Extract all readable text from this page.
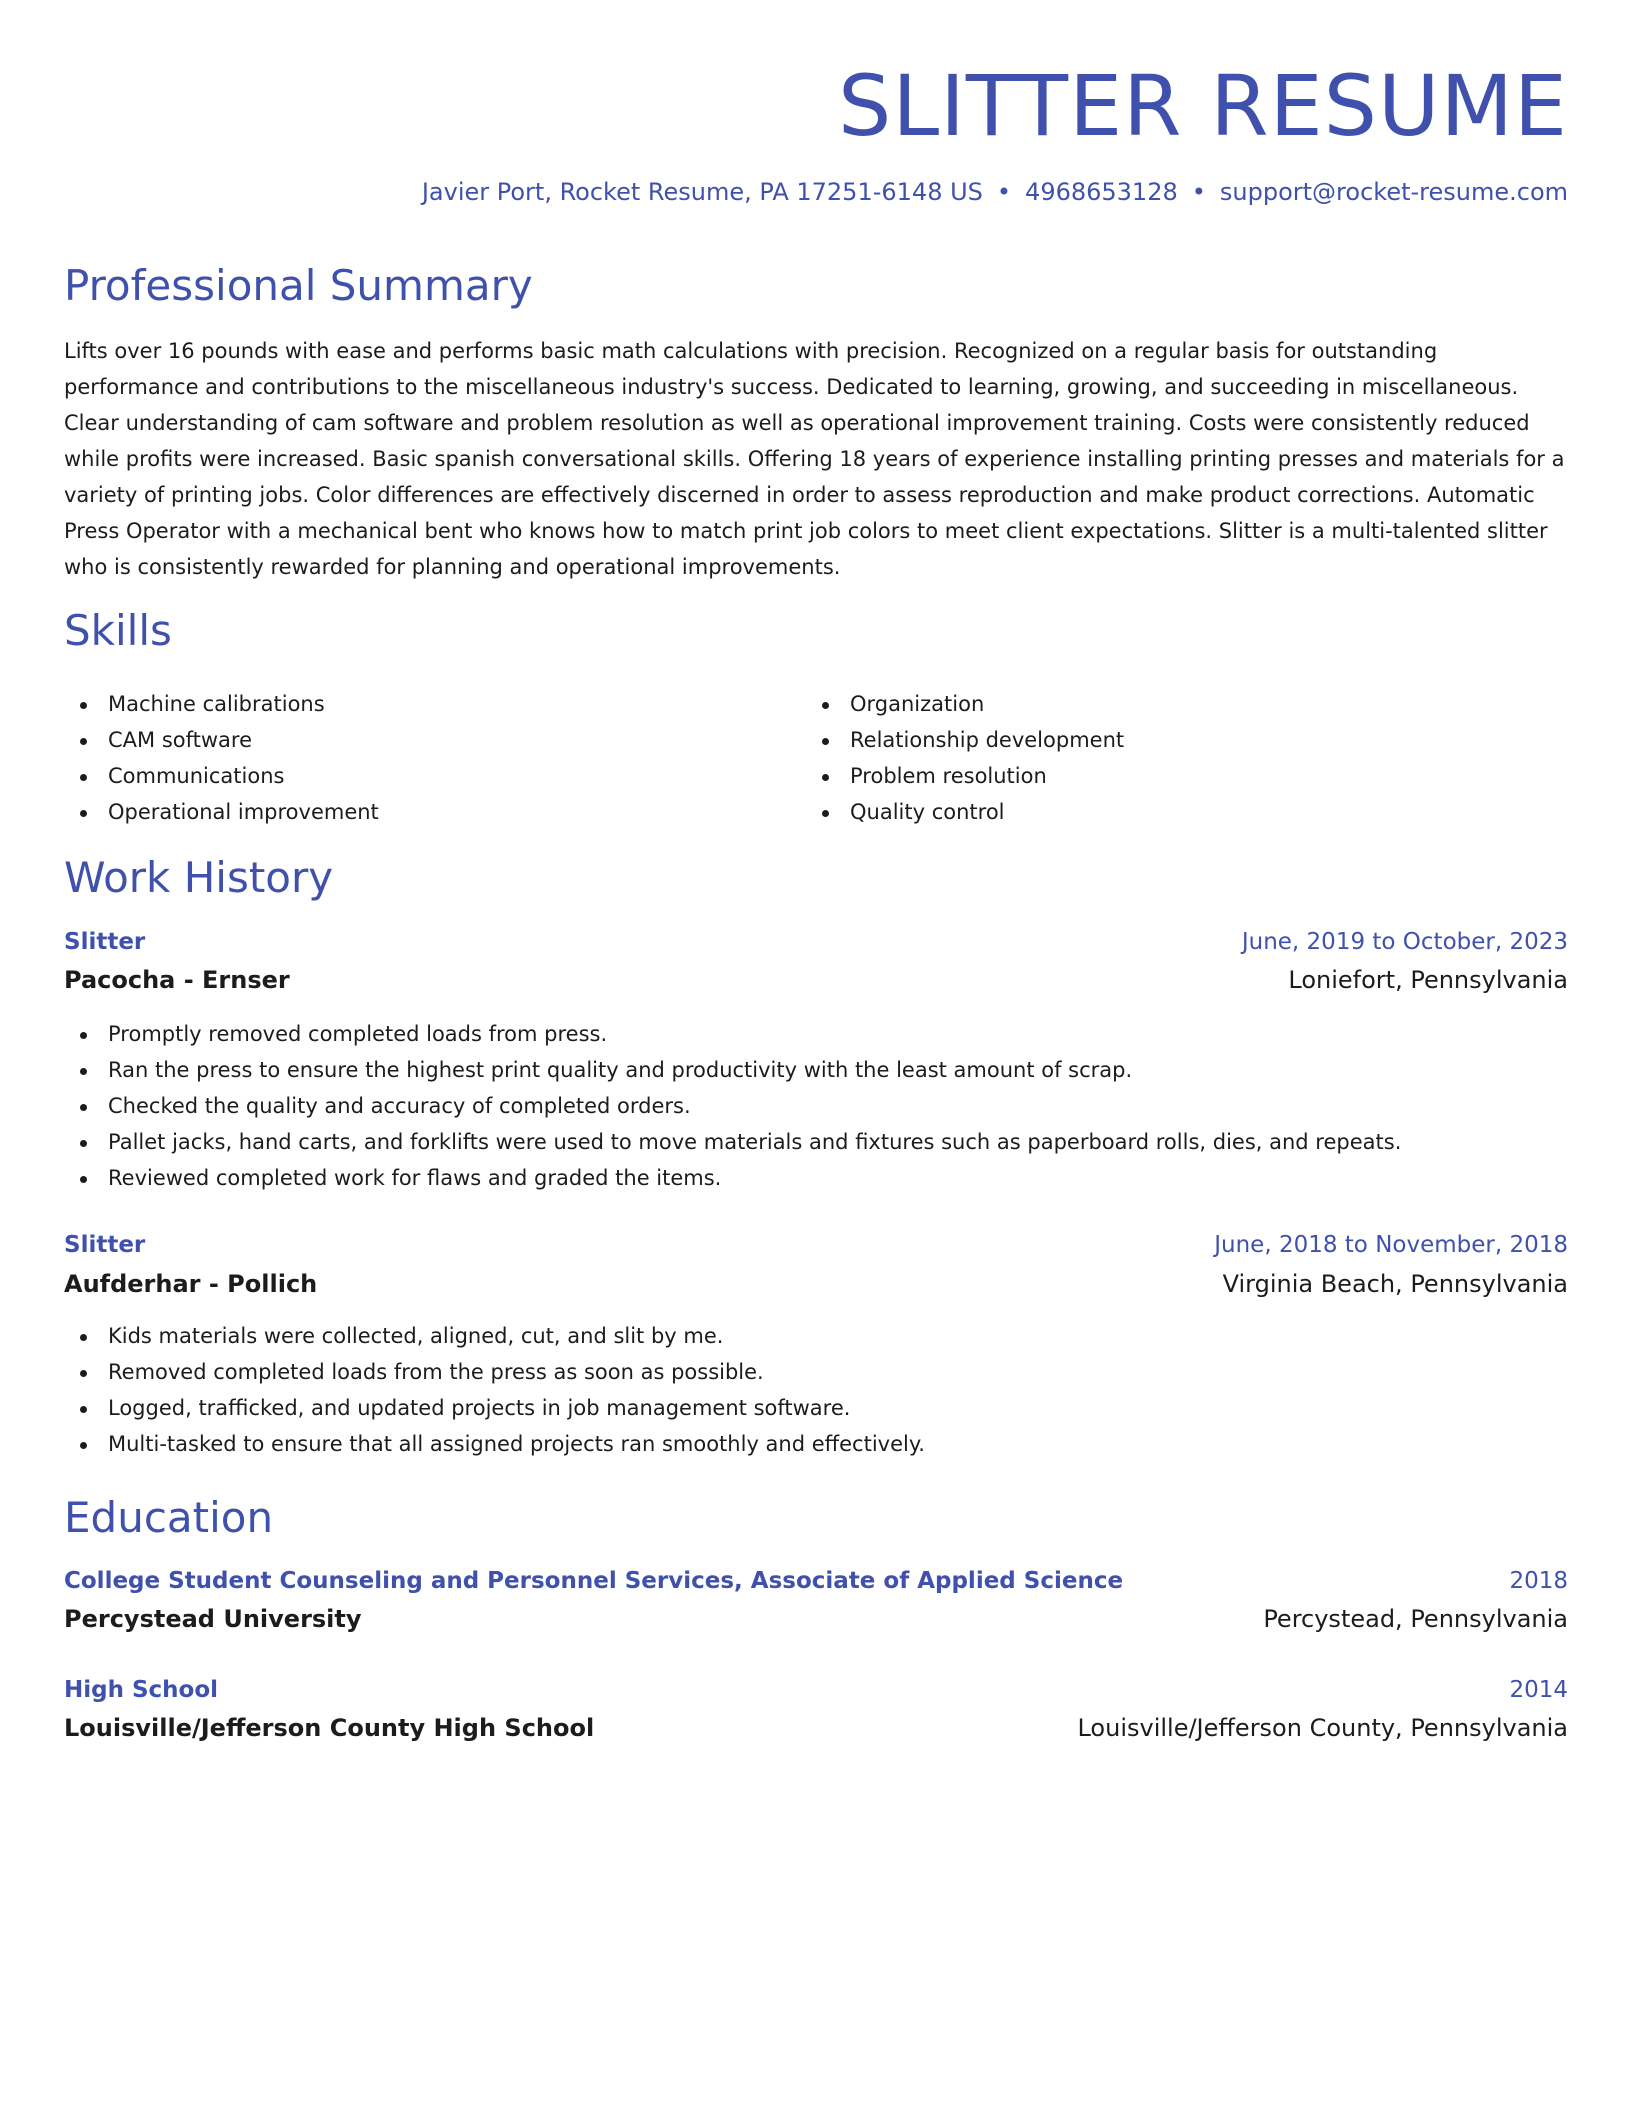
SLITTER RESUME
Javier Port, Rocket Resume, PA 17251-6148 US • 4968653128 • support@rocket-resume.com
Professional Summary

Lifts over 16 pounds with ease and performs basic math calculations with precision. Recognized on a regular basis for outstanding performance and contributions to the miscellaneous industry's success. Dedicated to learning, growing, and succeeding in miscellaneous. Clear understanding of cam software and problem resolution as well as operational improvement training. Costs were consistently reduced while profits were increased. Basic spanish conversational skills. Offering 18 years of experience installing printing presses and materials for a variety of printing jobs. Color differences are effectively discerned in order to assess reproduction and make product corrections. Automatic Press Operator with a mechanical bent who knows how to match print job colors to meet client expectations. Slitter is a multi-talented slitter who is consistently rewarded for planning and operational improvements.

Skills
Machine calibrations
CAM software
Communications
Operational improvement
Organization
Relationship development
Problem resolution
Quality control
Work History
Slitter	June, 2019 to October, 2023
Pacocha - Ernser	Loniefort, Pennsylvania
Promptly removed completed loads from press.
Ran the press to ensure the highest print quality and productivity with the least amount of scrap.
Checked the quality and accuracy of completed orders.
Pallet jacks, hand carts, and forklifts were used to move materials and fixtures such as paperboard rolls, dies, and repeats.
Reviewed completed work for flaws and graded the items.
Slitter	June, 2018 to November, 2018
Aufderhar - Pollich	Virginia Beach, Pennsylvania
Kids materials were collected, aligned, cut, and slit by me.
Removed completed loads from the press as soon as possible.
Logged, trafficked, and updated projects in job management software.
Multi-tasked to ensure that all assigned projects ran smoothly and effectively.
Education
College Student Counseling and Personnel Services, Associate of Applied Science	2018
Percystead University	Percystead, Pennsylvania
High School	2014
Louisville/Jefferson County High School	Louisville/Jefferson County, Pennsylvania
